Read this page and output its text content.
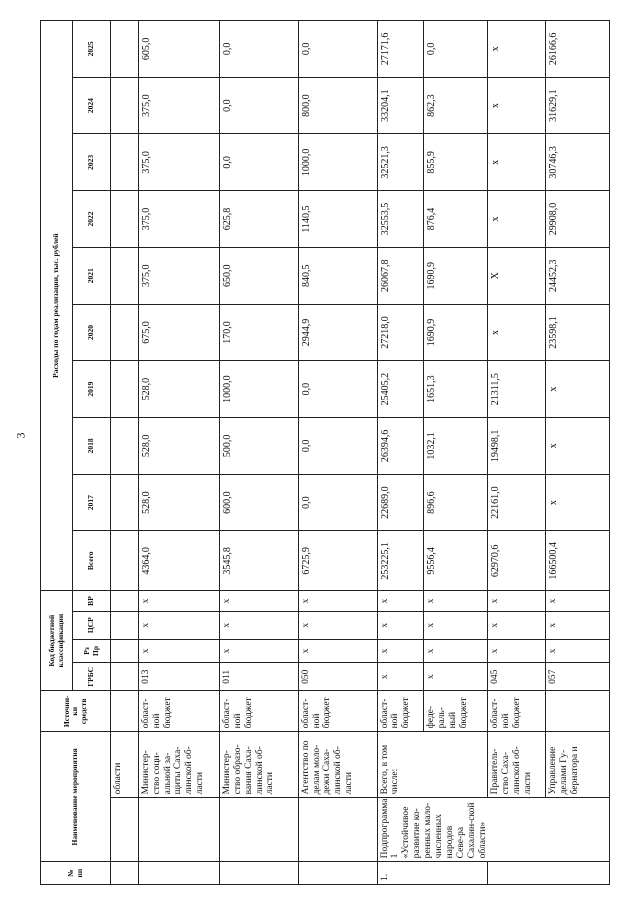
3
№ пп	Наименование мероприятия		Источни-ки средств	Код бюджетной классификации				Расходы по годам реализации, тыс. рублей									
				ГРБС	Рз Пр	ЦСР	ВР	Всего	2017	2018	2019	2020	2021	2022	2023	2024	2025
		области															
		Министер-ство соци-альной за-щиты Саха-линской об-ласти	област-ной бюджет	013	х	х	х	4364,0	528,0	528,0	528,0	675,0	375,0	375,0	375,0	375,0	605,0
		Министер-ство образо-вания Саха-линской об-ласти	област-ной бюджет	011	х	х	х	3545,8	600,0	500,0	1000,0	170,0	650,0	625,8	0,0	0,0	0,0
		Агентство по делам моло-дежи Саха-линской об-ласти	област-ной бюджет	050	х	х	х	6725,9	0,0	0,0	0,0	2944,9	840,5	1140,5	1000,0	800,0	0,0
1.	Подпрограмма 1 «Устойчивое развитие ко-ренных мало-численных народов Севе-ра Сахалин-ской области»	Всего, в том числе:	област-ной бюджет	х	х	х	х	253225,1	22689,0	26394,6	25405,2	27218,0	26067,8	32553,5	32521,3	33204,1	27171,6
			феде-раль-ный бюджет	х	х	х	х	9556,4	896,6	1032,1	1651,3	1690,9	1690,9	876,4	855,9	862,3	0,0
		Правитель-ство Саха-линской об-ласти	област-ной бюджет	045	х	х	х	62970,6	22161,0	19498,1	21311,5	х	Х	х	х	х	х
		Управление делами Гу-бернатора и		057	х	х	х	166500,4	х	х	х	23598,1	24452,3	29908,0	30746,3	31629,1	26166,6
